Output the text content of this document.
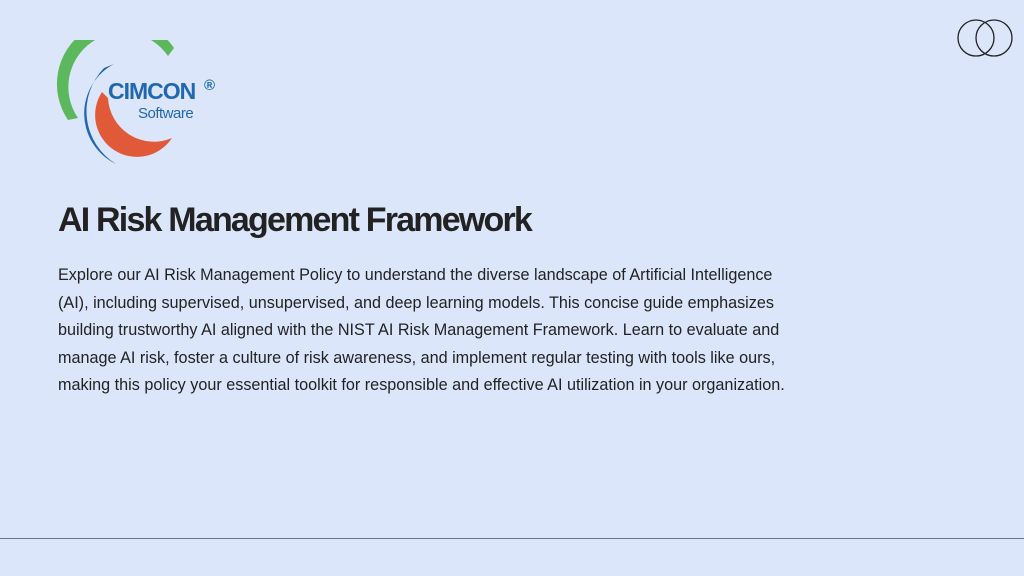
CIMCON ®
Software
AI Risk Management Framework

Explore our AI Risk Management Policy to understand the diverse landscape of Artificial Intelligence (AI), including supervised, unsupervised, and deep learning models. This concise guide emphasizes building trustworthy AI aligned with the NIST AI Risk Management Framework. Learn to evaluate and manage AI risk, foster a culture of risk awareness, and implement regular testing with tools like ours, making this policy your essential toolkit for responsible and effective AI utilization in your organization.
